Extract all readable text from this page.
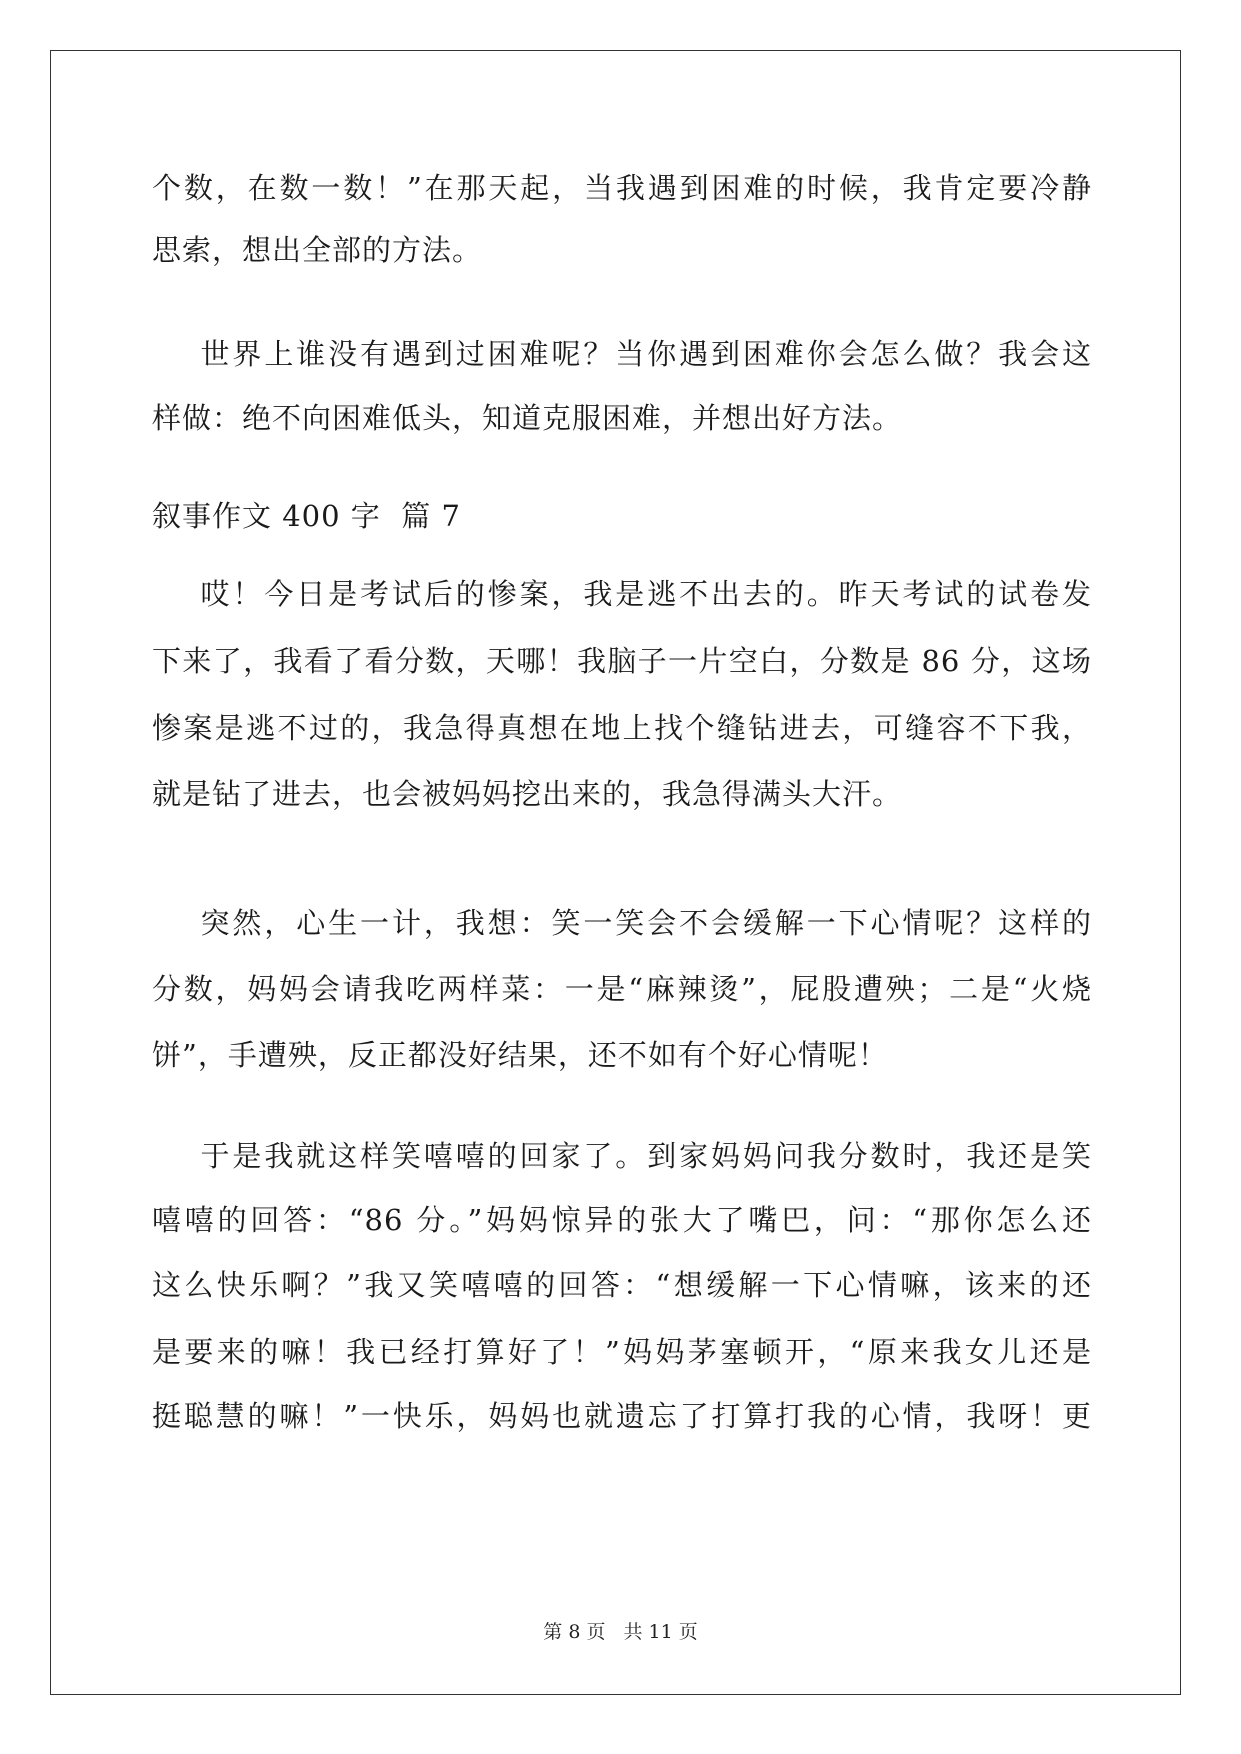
个数，在数一数！”在那天起，当我遇到困难的时候，我肯定要冷静
思索，想出全部的方法。
世界上谁没有遇到过困难呢？当你遇到困难你会怎么做？我会这
样做：绝不向困难低头，知道克服困难，并想出好方法。
叙事作文 400 字  篇 7
哎！今日是考试后的惨案，我是逃不出去的。昨天考试的试卷发
下来了，我看了看分数，天哪！我脑子一片空白，分数是 86 分，这场
惨案是逃不过的，我急得真想在地上找个缝钻进去，可缝容不下我，
就是钻了进去，也会被妈妈挖出来的，我急得满头大汗。
突然，心生一计，我想：笑一笑会不会缓解一下心情呢？这样的
分数，妈妈会请我吃两样菜：一是“麻辣烫”，屁股遭殃；二是“火烧
饼”，手遭殃，反正都没好结果，还不如有个好心情呢！
于是我就这样笑嘻嘻的回家了。到家妈妈问我分数时，我还是笑
嘻嘻的回答：“86 分。”妈妈惊异的张大了嘴巴，问：“那你怎么还
这么快乐啊？”我又笑嘻嘻的回答：“想缓解一下心情嘛，该来的还
是要来的嘛！我已经打算好了！”妈妈茅塞顿开，“原来我女儿还是
挺聪慧的嘛！”一快乐，妈妈也就遗忘了打算打我的心情，我呀！更
第 8 页 共 11 页
